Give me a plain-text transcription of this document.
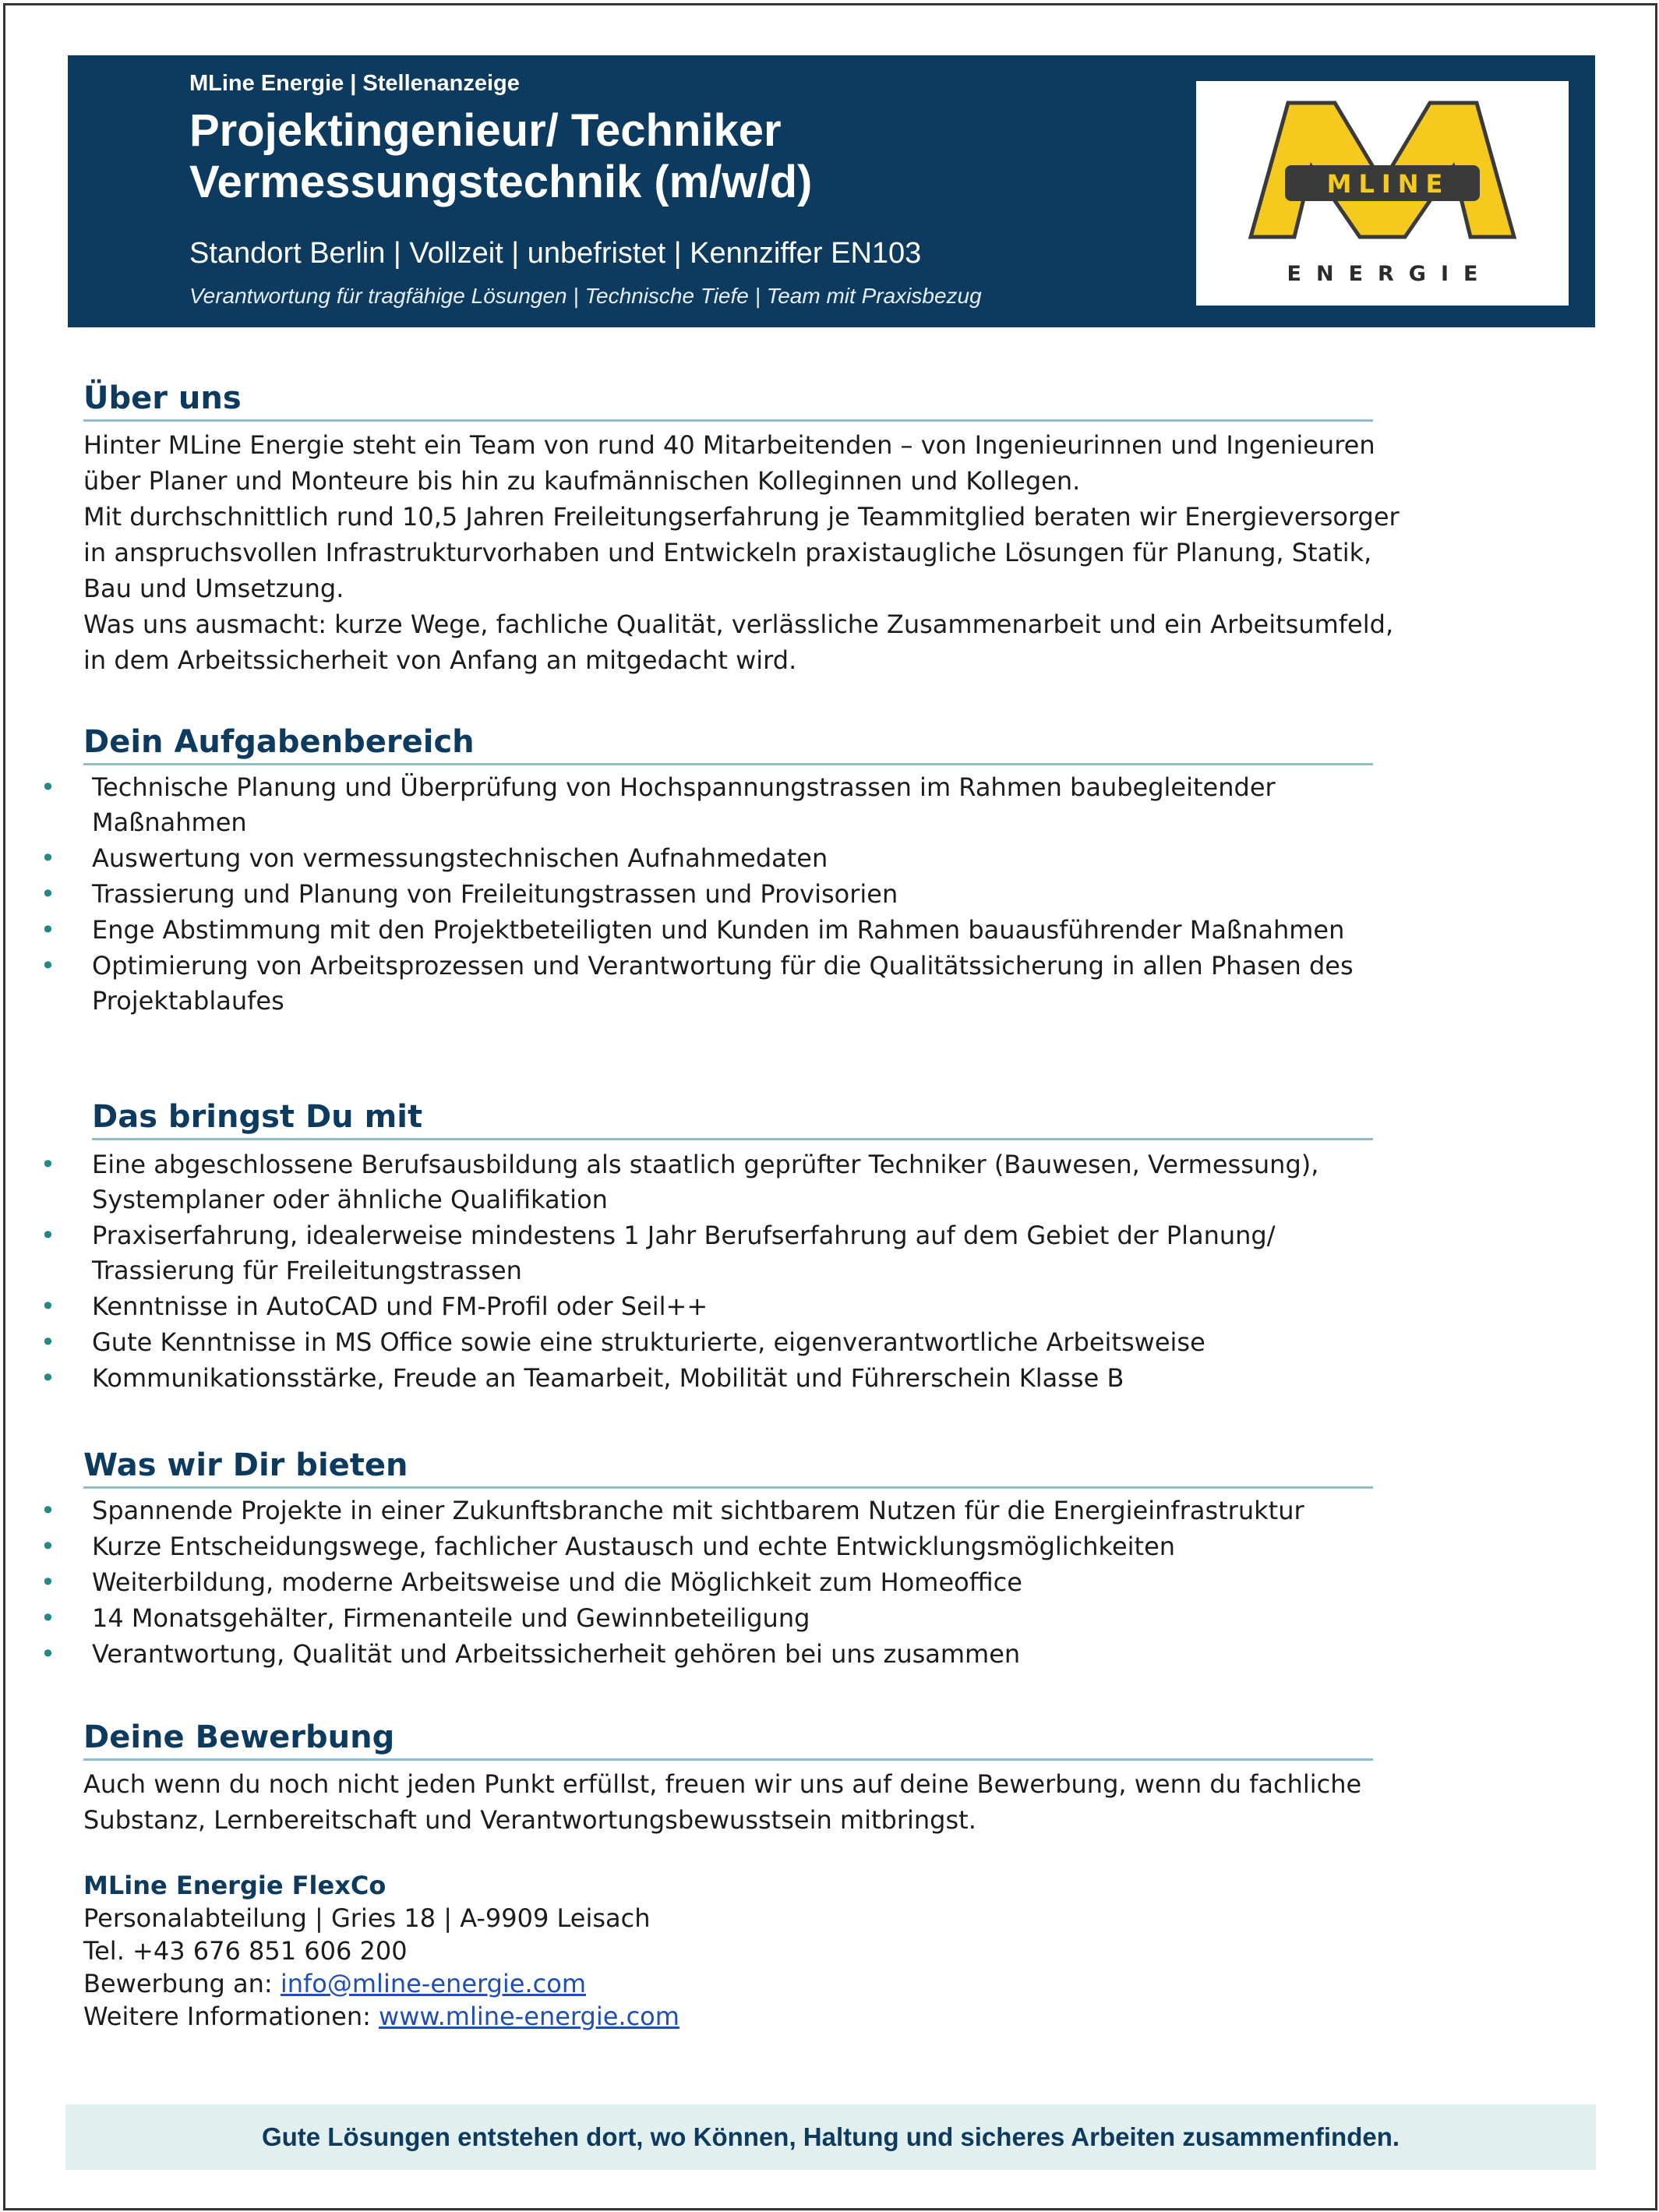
MLine Energie | Stellenanzeige
Projektingenieur/ Techniker
Vermessungstechnik (m/w/d)
Standort Berlin | Vollzeit | unbefristet | Kennziffer EN103
Verantwortung für tragfähige Lösungen | Technische Tiefe | Team mit Praxisbezug
MLINE
ENERGIE
Über uns

Hinter MLine Energie steht ein Team von rund 40 Mitarbeitenden – von Ingenieurinnen und Ingenieuren über Planer und Monteure bis hin zu kaufmännischen Kolleginnen und Kollegen.

Mit durchschnittlich rund 10,5 Jahren Freileitungserfahrung je Teammitglied beraten wir Energieversorger in anspruchsvollen Infrastrukturvorhaben und Entwickeln praxistaugliche Lösungen für Planung, Statik, Bau und Umsetzung.

Was uns ausmacht: kurze Wege, fachliche Qualität, verlässliche Zusammenarbeit und ein Arbeitsumfeld, in dem Arbeitssicherheit von Anfang an mitgedacht wird.

Dein Aufgabenbereich
• Technische Planung und Überprüfung von Hochspannungstrassen im Rahmen baubegleitender Maßnahmen
• Auswertung von vermessungstechnischen Aufnahmedaten
• Trassierung und Planung von Freileitungstrassen und Provisorien
• Enge Abstimmung mit den Projektbeteiligten und Kunden im Rahmen bauausführender Maßnahmen
• Optimierung von Arbeitsprozessen und Verantwortung für die Qualitätssicherung in allen Phasen des Projektablaufes
Das bringst Du mit
• Eine abgeschlossene Berufsausbildung als staatlich geprüfter Techniker (Bauwesen, Vermessung), Systemplaner oder ähnliche Qualifikation
• Praxiserfahrung, idealerweise mindestens 1 Jahr Berufserfahrung auf dem Gebiet der Planung/ Trassierung für Freileitungstrassen
• Kenntnisse in AutoCAD und FM-Profil oder Seil++
• Gute Kenntnisse in MS Office sowie eine strukturierte, eigenverantwortliche Arbeitsweise
• Kommunikationsstärke, Freude an Teamarbeit, Mobilität und Führerschein Klasse B
Was wir Dir bieten
• Spannende Projekte in einer Zukunftsbranche mit sichtbarem Nutzen für die Energieinfrastruktur
• Kurze Entscheidungswege, fachlicher Austausch und echte Entwicklungsmöglichkeiten
• Weiterbildung, moderne Arbeitsweise und die Möglichkeit zum Homeoffice
• 14 Monatsgehälter, Firmenanteile und Gewinnbeteiligung
• Verantwortung, Qualität und Arbeitssicherheit gehören bei uns zusammen
Deine Bewerbung
Auch wenn du noch nicht jeden Punkt erfüllst, freuen wir uns auf deine Bewerbung, wenn du fachliche Substanz, Lernbereitschaft und Verantwortungsbewusstsein mitbringst.
MLine Energie FlexCo
Personalabteilung | Gries 18 | A-9909 Leisach
Tel. +43 676 851 606 200
Bewerbung an: info@mline-energie.com
Weitere Informationen: www.mline-energie.com
Gute Lösungen entstehen dort, wo Können, Haltung und sicheres Arbeiten zusammenfinden.
